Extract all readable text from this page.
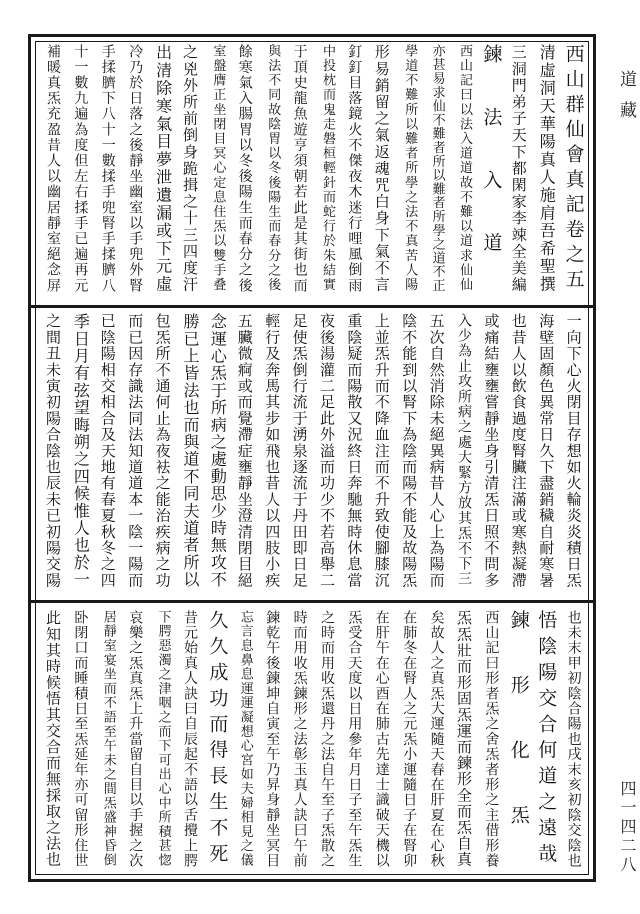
西山群仙會真記卷之五
清虛洞天華陽真人施肩吾希聖撰
三洞門弟子天下都閑家李竦全美編
鍊法入道
西山記曰以法入道道故不難以道求仙仙
亦甚易求仙不難者所以難者所學之道不正
學道不難所以難者所學之法不真苦人陽
形易銷留之氣返魂咒白身下氣不言
釘釘目落鏡火不傑夜木迷行哩風倒雨
中投枕而鬼走磐桓輕針而蛇行於朱結實
于頂史龍魚遊亨須朝若此是其街也而
與法不同故陰胃以冬後陽生而春分之後
餘寒氣入腸胃以冬後陽生而春分之後
室盤膺正坐閉目冥心定息住炁以雙手叠
之兇外所前倒身跪揖之十三四度汗
出清除寒氣目夢泄遺漏或下元虛
冷乃於日落之後靜坐幽室以手兜外腎
手揉臍下八十一數揉手兜腎手揉臍八
十一數九遍為度但左右揉手已遍再元
補暖真炁充盈昔人以幽居靜室絕念屏
一向下心火閉目存想如火輪炎炎積日炁
海壁固顏色異常日久下盡銷穢自耐寒暑
也昔人以飲食過度腎臟注滿或寒熱凝滯
或痛結壅壅嘗靜坐身引清炁日照不問多
入少為止攻所病之處大緊方放其炁不下三
五次自然消除未絕異病昔人心上為陽而
陰不能到以腎下為陰而陽不能及故陽炁
上並炁升而不降血注而不升致使腳膝沉
重陰疑而陽散又況終日奔馳無時休息當
夜後湯灌二足此外溢而功少不若高舉二
足使炁倒行流于湧泉逐流于丹田即日足
輕行及奔馬其步如飛也昔人以四肢小疾
五臟微痾或而覺滯症壅靜坐澄清閉目絕
念運心炁于所病之處動思少時無攻不
勝已上皆法也而與道不同夫道者所以
包炁所不通何止為夜袪之能治疾病之功
而已因存識法同法知道道本一陰一陽而
已陰陽相交相合及天地有春夏秋冬之四
季日月有弦望晦朔之四候惟人也於一
之間丑未寅初陽合陰也辰未已初陽交陽
也未末甲初陰合陽也戌末亥初陰交陰也
悟陰陽交合何道之遠哉
鍊形化炁
西山記曰形者炁之舍炁者形之主借形養
炁炁壯而形固炁運而鍊形全而炁自真
矣故人之真炁大運隨天春在肝夏在心秋
在肺冬在腎人之元炁小運隨日子在腎卯
在肝午在心酉在肺古先達士識破天機以
炁受合天度以日用參年月日子至午炁生
之時而用收炁還丹之法自午至子炁散之
時而用收炁鍊形之法彰玉真人訣曰午前
鍊乾午後鍊坤自寅至午乃昇身靜坐冥目
忘言息鼻息運運凝想心宮如夫婦相見之儀
久久成功而得長生不死
昔元始真人訣曰自辰起不語以舌攪上腭
下腭惡濁之津咽之而下可出心中所積甚惚
哀樂之炁真炁上升當留自目以手握之次
居靜室宴坐而不語至午未之間炁盛神昏倒
卧閉口而睡積日至炁延年亦可留形住世
此知其時候悟其交合而無採取之法也
道藏
四一四二八
